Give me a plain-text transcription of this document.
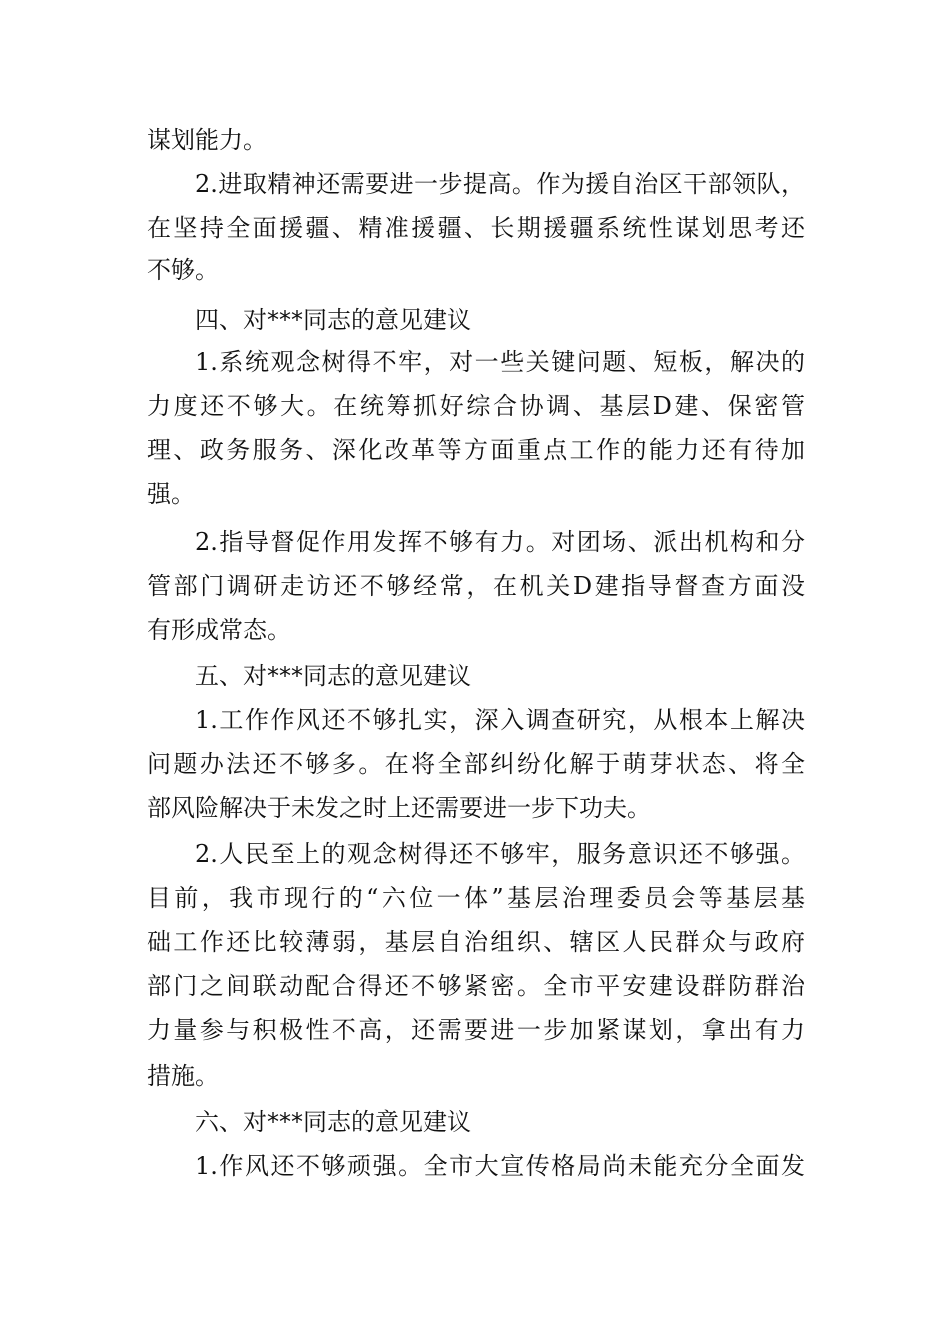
谋划能力。
2.进取精神还需要进一步提高。作为援自治区干部领队，
在坚持全面援疆、精准援疆、长期援疆系统性谋划思考还
不够。
四、对***同志的意见建议
1.系统观念树得不牢，对一些关键问题、短板，解决的
力度还不够大。在统筹抓好综合协调、基层D建、保密管
理、政务服务、深化改革等方面重点工作的能力还有待加
强。
2.指导督促作用发挥不够有力。对团场、派出机构和分
管部门调研走访还不够经常，在机关D建指导督查方面没
有形成常态。
五、对***同志的意见建议
1.工作作风还不够扎实，深入调查研究，从根本上解决
问题办法还不够多。在将全部纠纷化解于萌芽状态、将全
部风险解决于未发之时上还需要进一步下功夫。
2.人民至上的观念树得还不够牢，服务意识还不够强。
目前，我市现行的“六位一体”基层治理委员会等基层基
础工作还比较薄弱，基层自治组织、辖区人民群众与政府
部门之间联动配合得还不够紧密。全市平安建设群防群治
力量参与积极性不高，还需要进一步加紧谋划，拿出有力
措施。
六、对***同志的意见建议
1.作风还不够顽强。全市大宣传格局尚未能充分全面发
